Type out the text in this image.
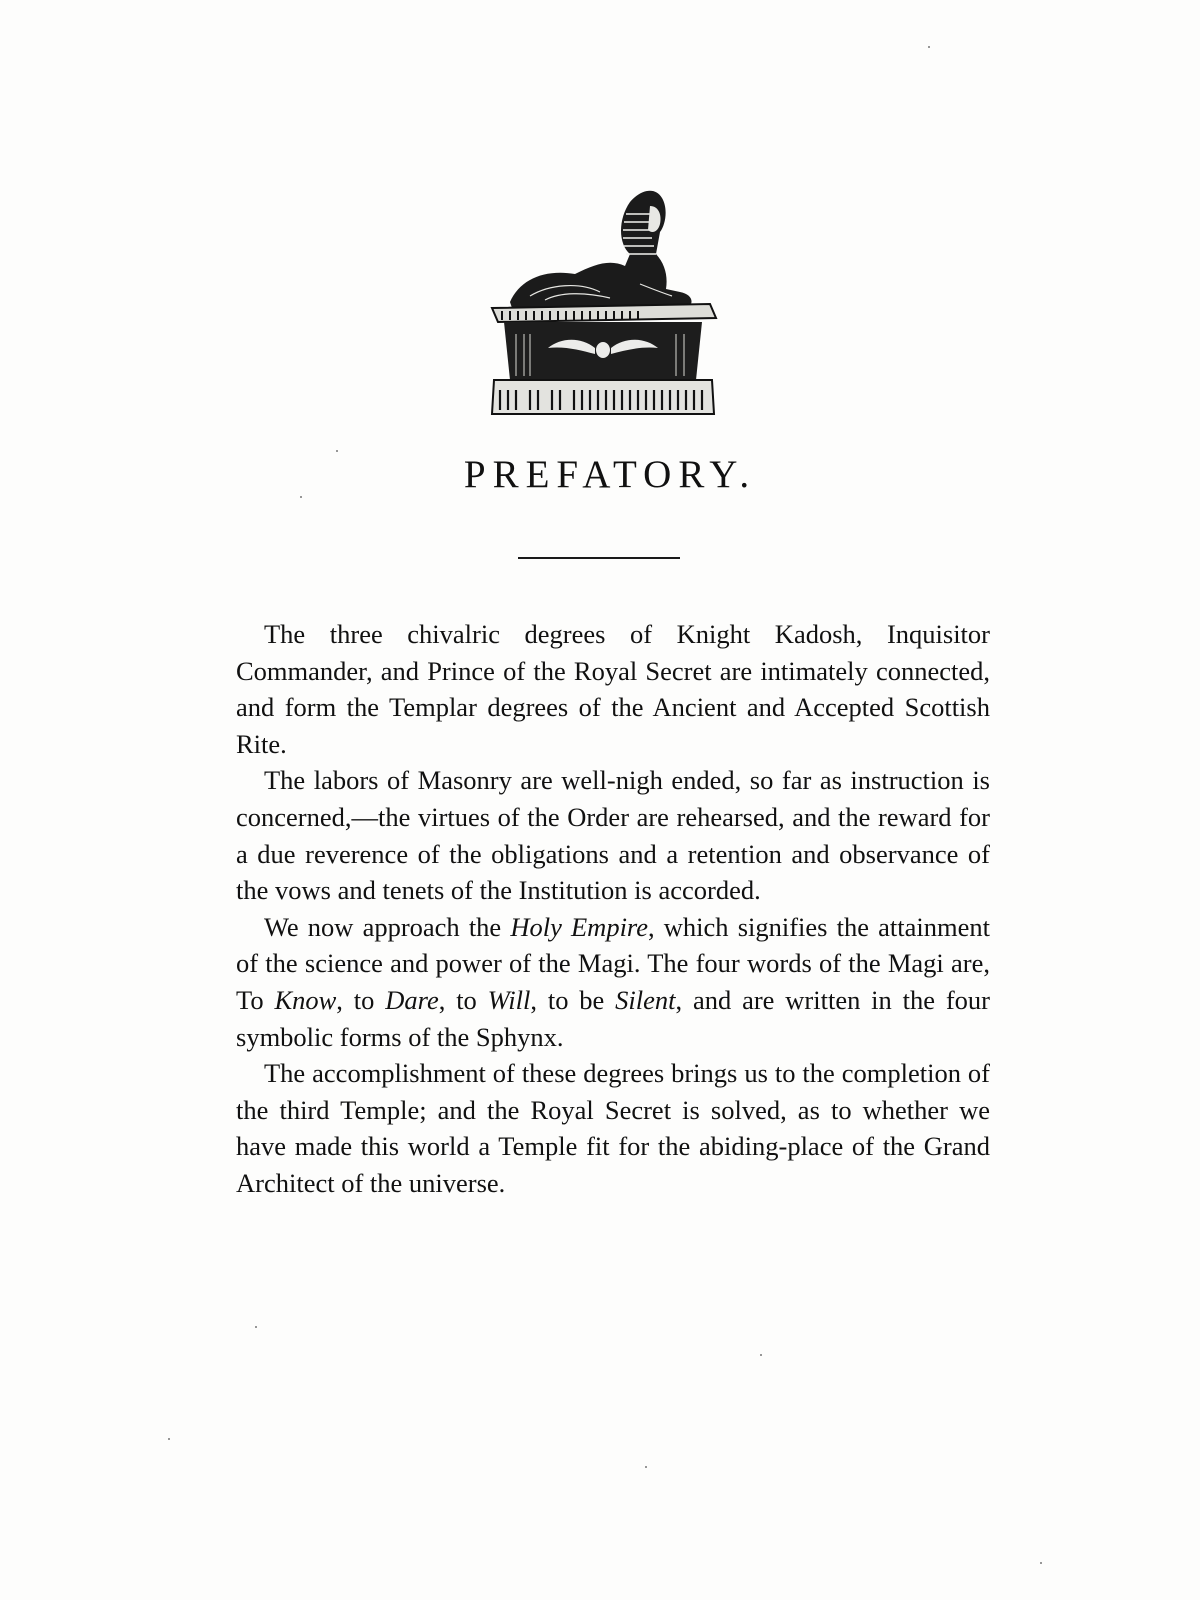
PREFATORY.

The three chivalric degrees of Knight Kadosh, Inquisitor Commander, and Prince of the Royal Secret are intimately connected, and form the Templar degrees of the Ancient and Accepted Scottish Rite.

The labors of Masonry are well-nigh ended, so far as instruction is concerned,—the virtues of the Order are rehearsed, and the reward for a due reverence of the obligations and a retention and observance of the vows and tenets of the Institution is accorded.

We now approach the Holy Empire, which signifies the attainment of the science and power of the Magi. The four words of the Magi are, To Know, to Dare, to Will, to be Silent, and are written in the four symbolic forms of the Sphynx.

The accomplishment of these degrees brings us to the completion of the third Temple; and the Royal Secret is solved, as to whether we have made this world a Temple fit for the abiding-place of the Grand Architect of the universe.
